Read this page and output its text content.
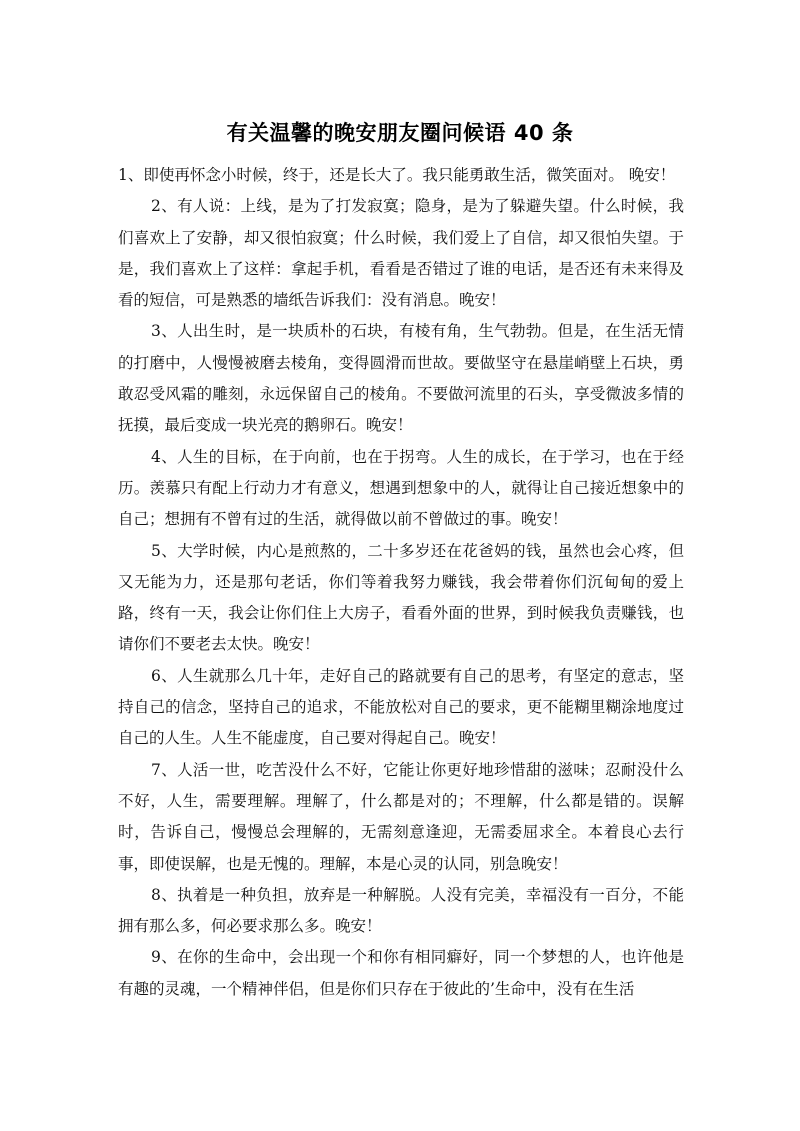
有关温馨的晚安朋友圈问候语 40 条

1、即使再怀念小时候，终于，还是长大了。我只能勇敢生活，微笑面对。 晚安！

2、有人说：上线，是为了打发寂寞；隐身，是为了躲避失望。什么时候，我们喜欢上了安静，却又很怕寂寞；什么时候，我们爱上了自信，却又很怕失望。于是，我们喜欢上了这样：拿起手机，看看是否错过了谁的电话，是否还有未来得及看的短信，可是熟悉的墙纸告诉我们：没有消息。晚安！

3、人出生时，是一块质朴的石块，有棱有角，生气勃勃。但是，在生活无情的打磨中，人慢慢被磨去棱角，变得圆滑而世故。要做坚守在悬崖峭壁上石块，勇敢忍受风霜的雕刻，永远保留自己的棱角。不要做河流里的石头，享受微波多情的抚摸，最后变成一块光亮的鹅卵石。晚安！

4、人生的目标，在于向前，也在于拐弯。人生的成长，在于学习，也在于经历。羡慕只有配上行动力才有意义，想遇到想象中的人，就得让自己接近想象中的自己；想拥有不曾有过的生活，就得做以前不曾做过的事。晚安！

5、大学时候，内心是煎熬的，二十多岁还在花爸妈的钱，虽然也会心疼，但又无能为力，还是那句老话，你们等着我努力赚钱，我会带着你们沉甸甸的爱上路，终有一天，我会让你们住上大房子，看看外面的世界，到时候我负责赚钱，也请你们不要老去太快。晚安！

6、人生就那么几十年，走好自己的路就要有自己的思考，有坚定的意志，坚持自己的信念，坚持自己的追求，不能放松对自己的要求，更不能糊里糊涂地度过自己的人生。人生不能虚度，自己要对得起自己。晚安！

7、人活一世，吃苦没什么不好，它能让你更好地珍惜甜的滋味；忍耐没什么不好，人生，需要理解。理解了，什么都是对的；不理解，什么都是错的。误解时，告诉自己，慢慢总会理解的，无需刻意逢迎，无需委屈求全。本着良心去行事，即使误解，也是无愧的。理解，本是心灵的认同，别急晚安！

8、执着是一种负担，放弃是一种解脱。人没有完美，幸福没有一百分，不能拥有那么多，何必要求那么多。晚安！

9、在你的生命中，会出现一个和你有相同癖好，同一个梦想的人，也许他是有趣的灵魂，一个精神伴侣，但是你们只存在于彼此的’生命中，没有在生活
